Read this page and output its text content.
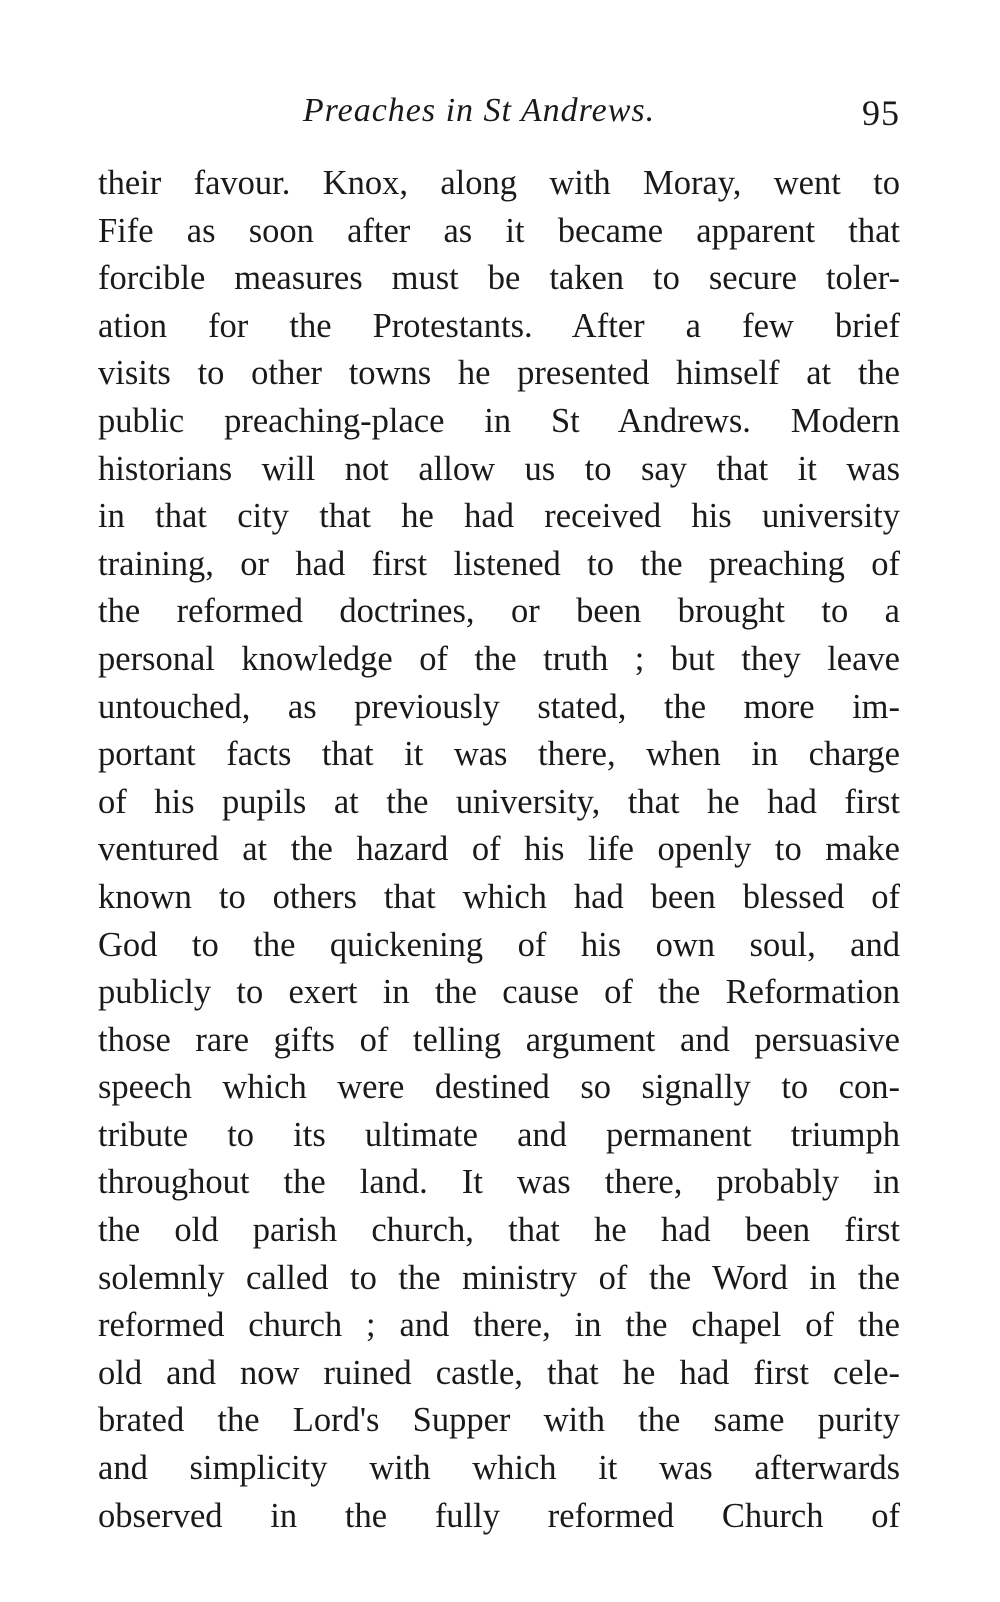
Preaches in St Andrews.	95
their favour. Knox, along with Moray, went to
Fife as soon after as it became apparent that
forcible measures must be taken to secure toler-
ation for the Protestants. After a few brief
visits to other towns he presented himself at the
public preaching-place in St Andrews. Modern
historians will not allow us to say that it was
in that city that he had received his university
training, or had first listened to the preaching of
the reformed doctrines, or been brought to a
personal knowledge of the truth ; but they leave
untouched, as previously stated, the more im-
portant facts that it was there, when in charge
of his pupils at the university, that he had first
ventured at the hazard of his life openly to make
known to others that which had been blessed of
God to the quickening of his own soul, and
publicly to exert in the cause of the Reformation
those rare gifts of telling argument and persuasive
speech which were destined so signally to con-
tribute to its ultimate and permanent triumph
throughout the land. It was there, probably in
the old parish church, that he had been first
solemnly called to the ministry of the Word in the
reformed church ; and there, in the chapel of the
old and now ruined castle, that he had first cele-
brated the Lord's Supper with the same purity
and simplicity with which it was afterwards
observed in the fully reformed Church of
